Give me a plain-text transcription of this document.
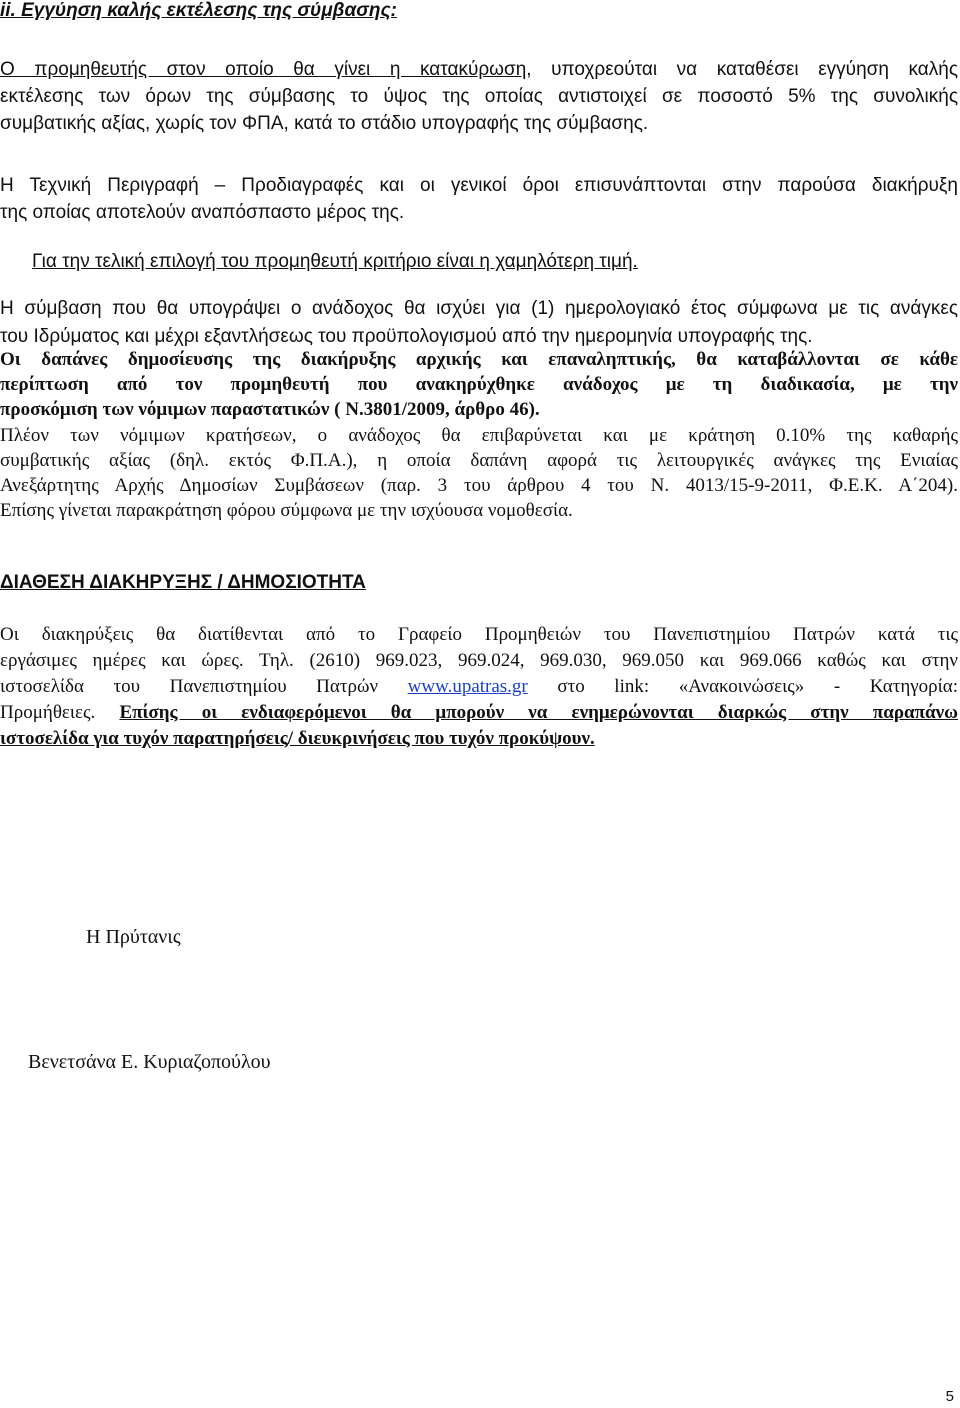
ii. Εγγύηση καλής εκτέλεσης της σύμβασης:
Ο προμηθευτής στον οποίο θα γίνει η κατακύρωση, υποχρεούται να καταθέσει εγγύηση καλής
εκτέλεσης των όρων της σύμβασης το ύψος της οποίας αντιστοιχεί σε ποσοστό 5% της συνολικής
συμβατικής αξίας, χωρίς τον ΦΠΑ, κατά το στάδιο υπογραφής της σύμβασης.
Η Τεχνική Περιγραφή – Προδιαγραφές και οι γενικοί όροι επισυνάπτονται στην παρούσα διακήρυξη
της οποίας αποτελούν αναπόσπαστο μέρος της.
Για την τελική επιλογή του προμηθευτή κριτήριο είναι η χαμηλότερη τιμή.
Η σύμβαση που θα υπογράψει ο ανάδοχος θα ισχύει για (1) ημερολογιακό έτος σύμφωνα με τις ανάγκες
του Ιδρύματος και μέχρι εξαντλήσεως του προϋπολογισμού από την ημερομηνία υπογραφής της.
Οι δαπάνες δημοσίευσης της διακήρυξης αρχικής και επαναληπτικής, θα καταβάλλονται σε κάθε
περίπτωση από τον προμηθευτή που ανακηρύχθηκε ανάδοχος με τη διαδικασία, με την
προσκόμιση των νόμιμων παραστατικών ( Ν.3801/2009, άρθρο 46).
Πλέον των νόμιμων κρατήσεων, ο ανάδοχος θα επιβαρύνεται και με κράτηση 0.10% της καθαρής
συμβατικής αξίας (δηλ. εκτός Φ.Π.Α.), η οποία δαπάνη αφορά τις λειτουργικές ανάγκες της Ενιαίας
Ανεξάρτητης Αρχής Δημοσίων Συμβάσεων (παρ. 3 του άρθρου 4 του Ν. 4013/15-9-2011, Φ.Ε.Κ. Α΄204).
Επίσης γίνεται παρακράτηση φόρου σύμφωνα με την ισχύουσα νομοθεσία.
ΔΙΑΘΕΣΗ ΔΙΑΚΗΡΥΞΗΣ / ΔΗΜΟΣΙΟΤΗΤΑ
Οι διακηρύξεις θα διατίθενται από το Γραφείο Προμηθειών του Πανεπιστημίου Πατρών κατά τις
εργάσιμες ημέρες και ώρες. Τηλ. (2610) 969.023, 969.024, 969.030, 969.050 και 969.066 καθώς και στην
ιστοσελίδα του Πανεπιστημίου Πατρών www.upatras.gr στο link: «Ανακοινώσεις» - Κατηγορία:
Προμήθειες. Επίσης οι ενδιαφερόμενοι θα μπορούν να ενημερώνονται διαρκώς στην παραπάνω
ιστοσελίδα για τυχόν παρατηρήσεις/ διευκρινήσεις που τυχόν προκύψουν.
Η Πρύτανις
Βενετσάνα Ε. Κυριαζοπούλου
5
